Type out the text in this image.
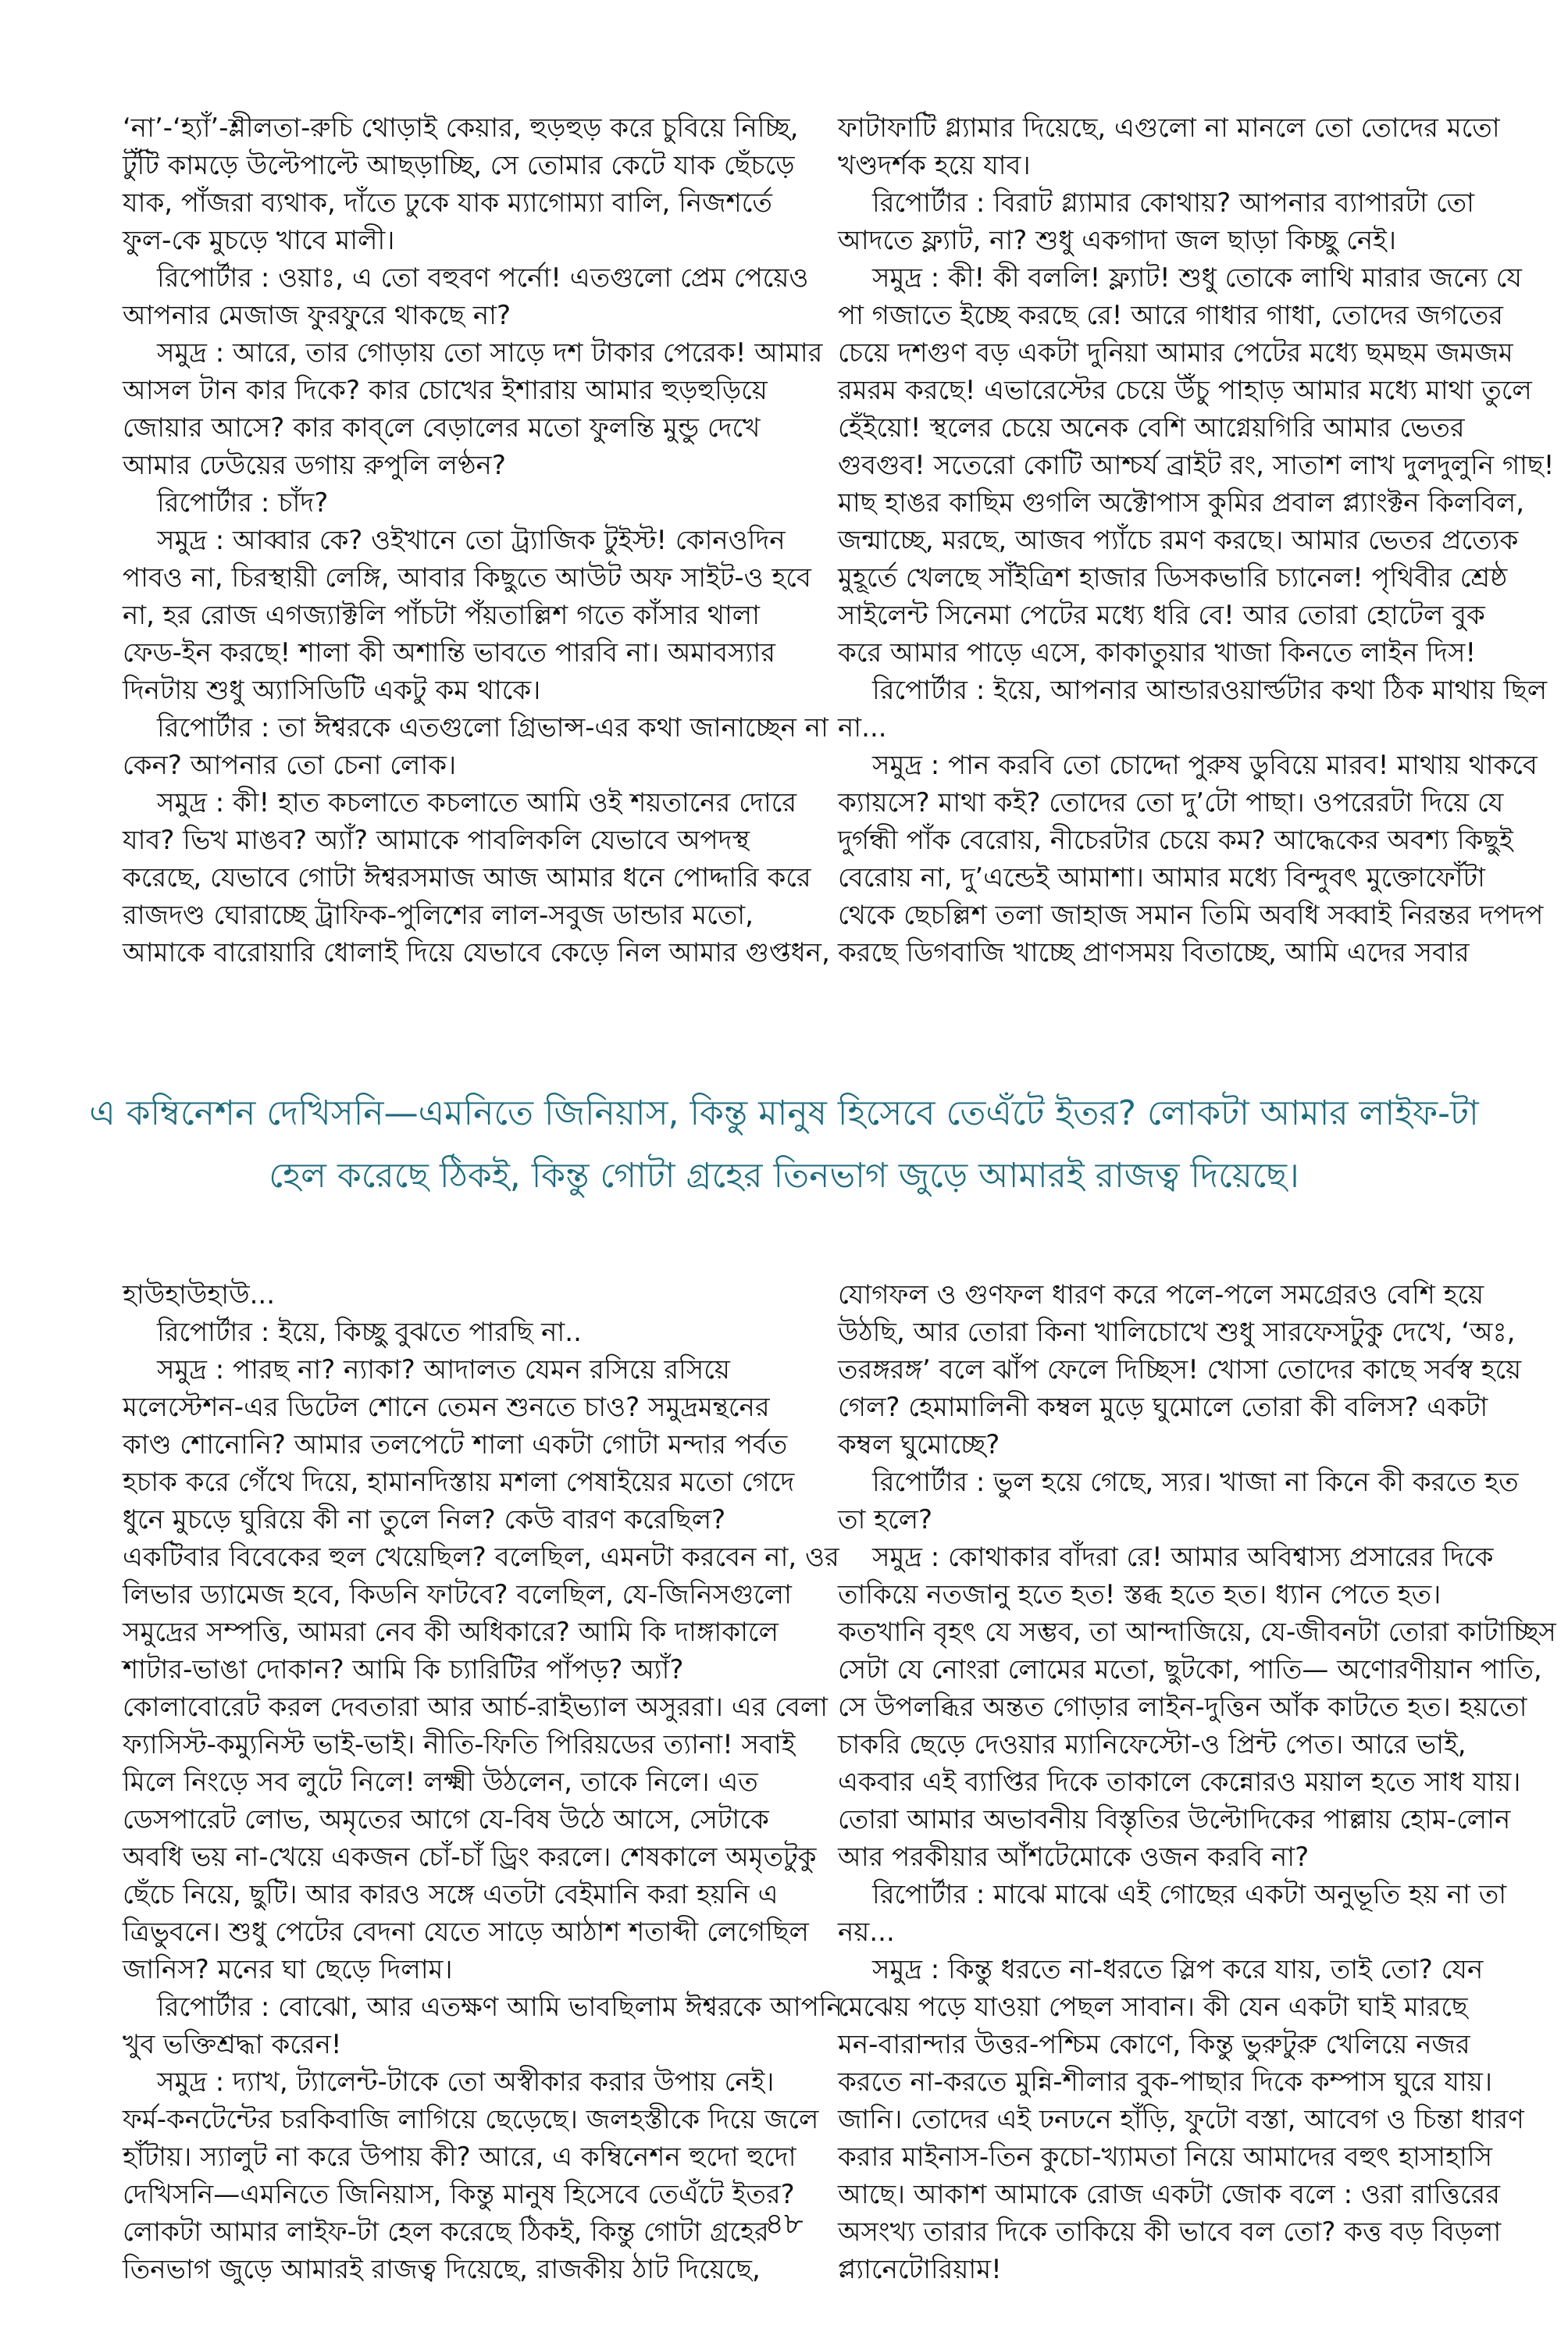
‘না’-‘হ্যাঁ’-শ্লীলতা-রুচি থোড়াই কেয়ার, হুড়হুড় করে চুবিয়ে নিচ্ছি,
টুঁটি কামড়ে উল্টেপাল্টে আছড়াচ্ছি, সে তোমার কেটে যাক ছেঁচড়ে
যাক, পাঁজরা ব্যথাক, দাঁতে ঢুকে যাক ম্যাগোম্যা বালি, নিজশর্তে
ফুল-কে মুচড়ে খাবে মালী।
রিপোর্টার : ওয়াঃ, এ তো বহুবণ পর্নো! এতগুলো প্রেম পেয়েও
আপনার মেজাজ ফুরফুরে থাকছে না?
সমুদ্র : আরে, তার গোড়ায় তো সাড়ে দশ টাকার পেরেক! আমার
আসল টান কার দিকে? কার চোখের ইশারায় আমার হুড়হুড়িয়ে
জোয়ার আসে? কার কাব্‌লে বেড়ালের মতো ফুলন্তি মুন্ডু দেখে
আমার ঢেউয়ের ডগায় রুপুলি লণ্ঠন?
রিপোর্টার : চাঁদ?
সমুদ্র : আব্বার কে? ওইখানে তো ট্র্যাজিক টুইস্ট! কোনওদিন
পাবও না, চিরস্থায়ী লেঙ্গি, আবার কিছুতে আউট অফ সাইট-ও হবে
না, হর রোজ এগজ্যাক্টলি পাঁচটা পঁয়তাল্লিশ গতে কাঁসার থালা
ফেড-ইন করছে! শালা কী অশান্তি ভাবতে পারবি না। অমাবস্যার
দিনটায় শুধু অ্যাসিডিটি একটু কম থাকে।
রিপোর্টার : তা ঈশ্বরকে এতগুলো গ্রিভান্স-এর কথা জানাচ্ছেন না
কেন? আপনার তো চেনা লোক।
সমুদ্র : কী! হাত কচলাতে কচলাতে আমি ওই শয়তানের দোরে
যাব? ভিখ মাঙব? অ্যাঁ? আমাকে পাবলিকলি যেভাবে অপদস্থ
করেছে, যেভাবে গোটা ঈশ্বরসমাজ আজ আমার ধনে পোদ্দারি করে
রাজদণ্ড ঘোরাচ্ছে ট্রাফিক-পুলিশের লাল-সবুজ ডান্ডার মতো,
আমাকে বারোয়ারি ধোলাই দিয়ে যেভাবে কেড়ে নিল আমার গুপ্তধন,
ফাটাফাটি গ্ল্যামার দিয়েছে, এগুলো না মানলে তো তোদের মতো
খণ্ডদর্শক হয়ে যাব।
রিপোর্টার : বিরাট গ্ল্যামার কোথায়? আপনার ব্যাপারটা তো
আদতে ফ্ল্যাট, না? শুধু একগাদা জল ছাড়া কিচ্ছু নেই।
সমুদ্র : কী! কী বললি! ফ্ল্যাট! শুধু তোকে লাথি মারার জন্যে যে
পা গজাতে ইচ্ছে করছে রে! আরে গাধার গাধা, তোদের জগতের
চেয়ে দশগুণ বড় একটা দুনিয়া আমার পেটের মধ্যে ছমছম জমজম
রমরম করছে! এভারেস্টের চেয়ে উঁচু পাহাড় আমার মধ্যে মাথা তুলে
হেঁইয়ো! স্থলের চেয়ে অনেক বেশি আগ্নেয়গিরি আমার ভেতর
গুবগুব! সতেরো কোটি আশ্চর্য ব্রাইট রং, সাতাশ লাখ দুলদুলুনি গাছ!
মাছ হাঙর কাছিম গুগলি অক্টোপাস কুমির প্রবাল প্ল্যাংক্টন কিলবিল,
জন্মাচ্ছে, মরছে, আজব প্যাঁচে রমণ করছে। আমার ভেতর প্রত্যেক
মুহূর্তে খেলছে সাঁইত্রিশ হাজার ডিসকভারি চ্যানেল! পৃথিবীর শ্রেষ্ঠ
সাইলেন্ট সিনেমা পেটের মধ্যে ধরি বে! আর তোরা হোটেল বুক
করে আমার পাড়ে এসে, কাকাতুয়ার খাজা কিনতে লাইন দিস!
রিপোর্টার : ইয়ে, আপনার আন্ডারওয়ার্ল্ডটার কথা ঠিক মাথায় ছিল
না...
সমুদ্র : পান করবি তো চোদ্দো পুরুষ ডুবিয়ে মারব! মাথায় থাকবে
ক্যায়সে? মাথা কই? তোদের তো দু’টো পাছা। ওপরেরটা দিয়ে যে
দুর্গন্ধী পাঁক বেরোয়, নীচেরটার চেয়ে কম? আদ্ধেকের অবশ্য কিছুই
বেরোয় না, দু’এন্ডেই আমাশা। আমার মধ্যে বিন্দুবৎ মুক্তোফোঁটা
থেকে ছেচল্লিশ তলা জাহাজ সমান তিমি অবধি সব্বাই নিরন্তর দপদপ
করছে ডিগবাজি খাচ্ছে প্রাণসময় বিতাচ্ছে, আমি এদের সবার
এ কম্বিনেশন দেখিসনি—এমনিতে জিনিয়াস, কিন্তু মানুষ হিসেবে তেএঁটে ইতর? লোকটা আমার লাইফ-টা
হেল করেছে ঠিকই, কিন্তু গোটা গ্রহের তিনভাগ জুড়ে আমারই রাজত্ব দিয়েছে।
হাউহাউহাউ...
রিপোর্টার : ইয়ে, কিচ্ছু বুঝতে পারছি না..
সমুদ্র : পারছ না? ন্যাকা? আদালত যেমন রসিয়ে রসিয়ে
মলেস্টেশন-এর ডিটেল শোনে তেমন শুনতে চাও? সমুদ্রমন্থনের
কাণ্ড শোনোনি? আমার তলপেটে শালা একটা গোটা মন্দার পর্বত
হচাক করে গেঁথে দিয়ে, হামানদিস্তায় মশলা পেষাইয়ের মতো গেদে
ধুনে মুচড়ে ঘুরিয়ে কী না তুলে নিল? কেউ বারণ করেছিল?
একটিবার বিবেকের হুল খেয়েছিল? বলেছিল, এমনটা করবেন না, ওর
লিভার ড্যামেজ হবে, কিডনি ফাটবে? বলেছিল, যে-জিনিসগুলো
সমুদ্রের সম্পত্তি, আমরা নেব কী অধিকারে? আমি কি দাঙ্গাকালে
শাটার-ভাঙা দোকান? আমি কি চ্যারিটির পাঁপড়? অ্যাঁ?
কোলাবোরেট করল দেবতারা আর আর্চ-রাইভ্যাল অসুররা। এর বেলা
ফ্যাসিস্ট-কম্যুনিস্ট ভাই-ভাই। নীতি-ফিতি পিরিয়ডের ত্যানা! সবাই
মিলে নিংড়ে সব লুটে নিলে! লক্ষ্মী উঠলেন, তাকে নিলে। এত
ডেসপারেট লোভ, অমৃতের আগে যে-বিষ উঠে আসে, সেটাকে
অবধি ভয় না-খেয়ে একজন চোঁ-চাঁ ড্রিং করলে। শেষকালে অমৃতটুকু
ছেঁচে নিয়ে, ছুটি। আর কারও সঙ্গে এতটা বেইমানি করা হয়নি এ
ত্রিভুবনে। শুধু পেটের বেদনা যেতে সাড়ে আঠাশ শতাব্দী লেগেছিল
জানিস? মনের ঘা ছেড়ে দিলাম।
রিপোর্টার : বোঝো, আর এতক্ষণ আমি ভাবছিলাম ঈশ্বরকে আপনি
খুব ভক্তিশ্রদ্ধা করেন!
সমুদ্র : দ্যাখ, ট্যালেন্ট-টাকে তো অস্বীকার করার উপায় নেই।
ফর্ম-কনটেন্টের চরকিবাজি লাগিয়ে ছেড়েছে। জলহস্তীকে দিয়ে জলে
হাঁটায়। স্যালুট না করে উপায় কী? আরে, এ কম্বিনেশন হুদো হুদো
দেখিসনি—এমনিতে জিনিয়াস, কিন্তু মানুষ হিসেবে তেএঁটে ইতর?
লোকটা আমার লাইফ-টা হেল করেছে ঠিকই, কিন্তু গোটা গ্রহের
তিনভাগ জুড়ে আমারই রাজত্ব দিয়েছে, রাজকীয় ঠাট দিয়েছে,
যোগফল ও গুণফল ধারণ করে পলে-পলে সমগ্রেরও বেশি হয়ে
উঠছি, আর তোরা কিনা খালিচোখে শুধু সারফেসটুকু দেখে, ‘অঃ,
তরঙ্গরঙ্গ’ বলে ঝাঁপ ফেলে দিচ্ছিস! খোসা তোদের কাছে সর্বস্ব হয়ে
গেল? হেমামালিনী কম্বল মুড়ে ঘুমোলে তোরা কী বলিস? একটা
কম্বল ঘুমোচ্ছে?
রিপোর্টার : ভুল হয়ে গেছে, স্যর। খাজা না কিনে কী করতে হত
তা হলে?
সমুদ্র : কোথাকার বাঁদরা রে! আমার অবিশ্বাস্য প্রসারের দিকে
তাকিয়ে নতজানু হতে হত! স্তব্ধ হতে হত। ধ্যান পেতে হত।
কতখানি বৃহৎ যে সম্ভব, তা আন্দাজিয়ে, যে-জীবনটা তোরা কাটাচ্ছিস
সেটা যে নোংরা লোমের মতো, ছুটকো, পাতি— অণোরণীয়ান পাতি,
সে উপলব্ধির অন্তত গোড়ার লাইন-দুত্তিন আঁক কাটতে হত। হয়তো
চাকরি ছেড়ে দেওয়ার ম্যানিফেস্টো-ও প্রিন্ট পেত। আরে ভাই,
একবার এই ব্যাপ্তির দিকে তাকালে কেন্নোরও ময়াল হতে সাধ যায়।
তোরা আমার অভাবনীয় বিস্তৃতির উল্টোদিকের পাল্লায় হোম-লোন
আর পরকীয়ার আঁশটেমোকে ওজন করবি না?
রিপোর্টার : মাঝে মাঝে এই গোছের একটা অনুভূতি হয় না তা
নয়...
সমুদ্র : কিন্তু ধরতে না-ধরতে স্লিপ করে যায়, তাই তো? যেন
মেঝেয় পড়ে যাওয়া পেছল সাবান। কী যেন একটা ঘাই মারছে
মন-বারান্দার উত্তর-পশ্চিম কোণে, কিন্তু ভুরুটুরু খেলিয়ে নজর
করতে না-করতে মুন্নি-শীলার বুক-পাছার দিকে কম্পাস ঘুরে যায়।
জানি। তোদের এই ঢনঢনে হাঁড়ি, ফুটো বস্তা, আবেগ ও চিন্তা ধারণ
করার মাইনাস-তিন কুচো-খ্যামতা নিয়ে আমাদের বহুৎ হাসাহাসি
আছে। আকাশ আমাকে রোজ একটা জোক বলে : ওরা রাত্তিরের
অসংখ্য তারার দিকে তাকিয়ে কী ভাবে বল তো? কত্ত বড় বিড়লা
প্ল্যানেটোরিয়াম!
৪৮
